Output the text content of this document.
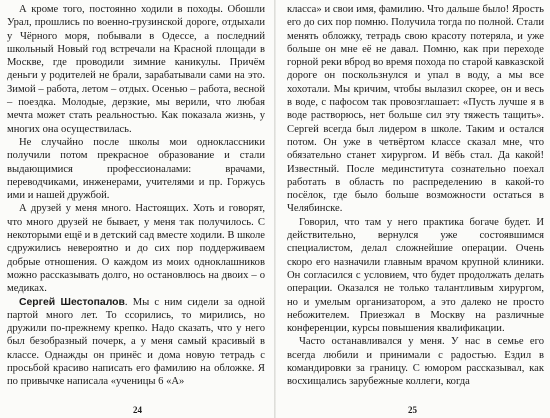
А кроме того, постоянно ходили в походы. Обошли Урал, прошлись по военно-грузинской дороге, отдыхали у Чёрного моря, побывали в Одессе, а последний школьный Новый год встречали на Красной площади в Москве, где проводили зимние каникулы. Причём деньги у родителей не брали, зарабатывали сами на это. Зимой – работа, летом – отдых. Осенью – работа, весной – поездка. Молодые, дерзкие, мы верили, что любая мечта может стать реальностью. Как показала жизнь, у многих она осуществилась.

Не случайно после школы мои одноклассники получили потом прекрасное образование и стали выдающимися профессионалами: врачами, переводчиками, инженерами, учителями и пр. Горжусь ими и нашей дружбой.

А друзей у меня много. Настоящих. Хоть и говорят, что много друзей не бывает, у меня так получилось. С некоторыми ещё и в детский сад вместе ходили. В школе сдружились невероятно и до сих пор поддерживаем добрые отношения. О каждом из моих одноклашников можно рассказывать долго, но остановлюсь на двоих – о медиках.

Сергей Шестопалов. Мы с ним сидели за одной партой много лет. То ссорились, то мирились, но дружили по-прежнему крепко. Надо сказать, что у него был безобразный почерк, а у меня самый красивый в классе. Однажды он принёс и дома новую тетрадь с просьбой красиво написать его фамилию на обложке. Я по привычке написала «ученицы 6 «А»

24

класса» и свои имя, фамилию. Что дальше было! Ярость его до сих пор помню. Получила тогда по полной. Стали менять обложку, тетрадь свою красоту потеряла, и уже больше он мне её не давал. Помню, как при переходе горной реки вброд во время похода по старой кавказской дороге он поскользнулся и упал в воду, а мы все хохотали. Мы кричим, чтобы вылазил скорее, он и весь в воде, с пафосом так провозглашает: «Пусть лучше я в воде растворюсь, нет больше сил эту тяжесть тащить». Сергей всегда был лидером в школе. Таким и остался потом. Он уже в четвёртом классе сказал мне, что обязательно станет хирургом. И вёбь стал. Да какой! Известный. После мединститута сознательно поехал работать в область по распределению в какой-то посёлок, где было больше возможности остаться в Челябинске.

Говорил, что там у него практика богаче будет. И действительно, вернулся уже состоявшимся специалистом, делал сложнейшие операции. Очень скоро его назначили главным врачом крупной клиники. Он согласился с условием, что будет продолжать делать операции. Оказался не только талантливым хирургом, но и умелым организатором, а это далеко не просто небожителем. Приезжал в Москву на различные конференции, курсы повышения квалификации.

Часто останавливался у меня. У нас в семье его всегда любили и принимали с радостью. Ездил в командировки за границу. С юмором рассказывал, как восхищались зарубежные коллеги, когда

25
